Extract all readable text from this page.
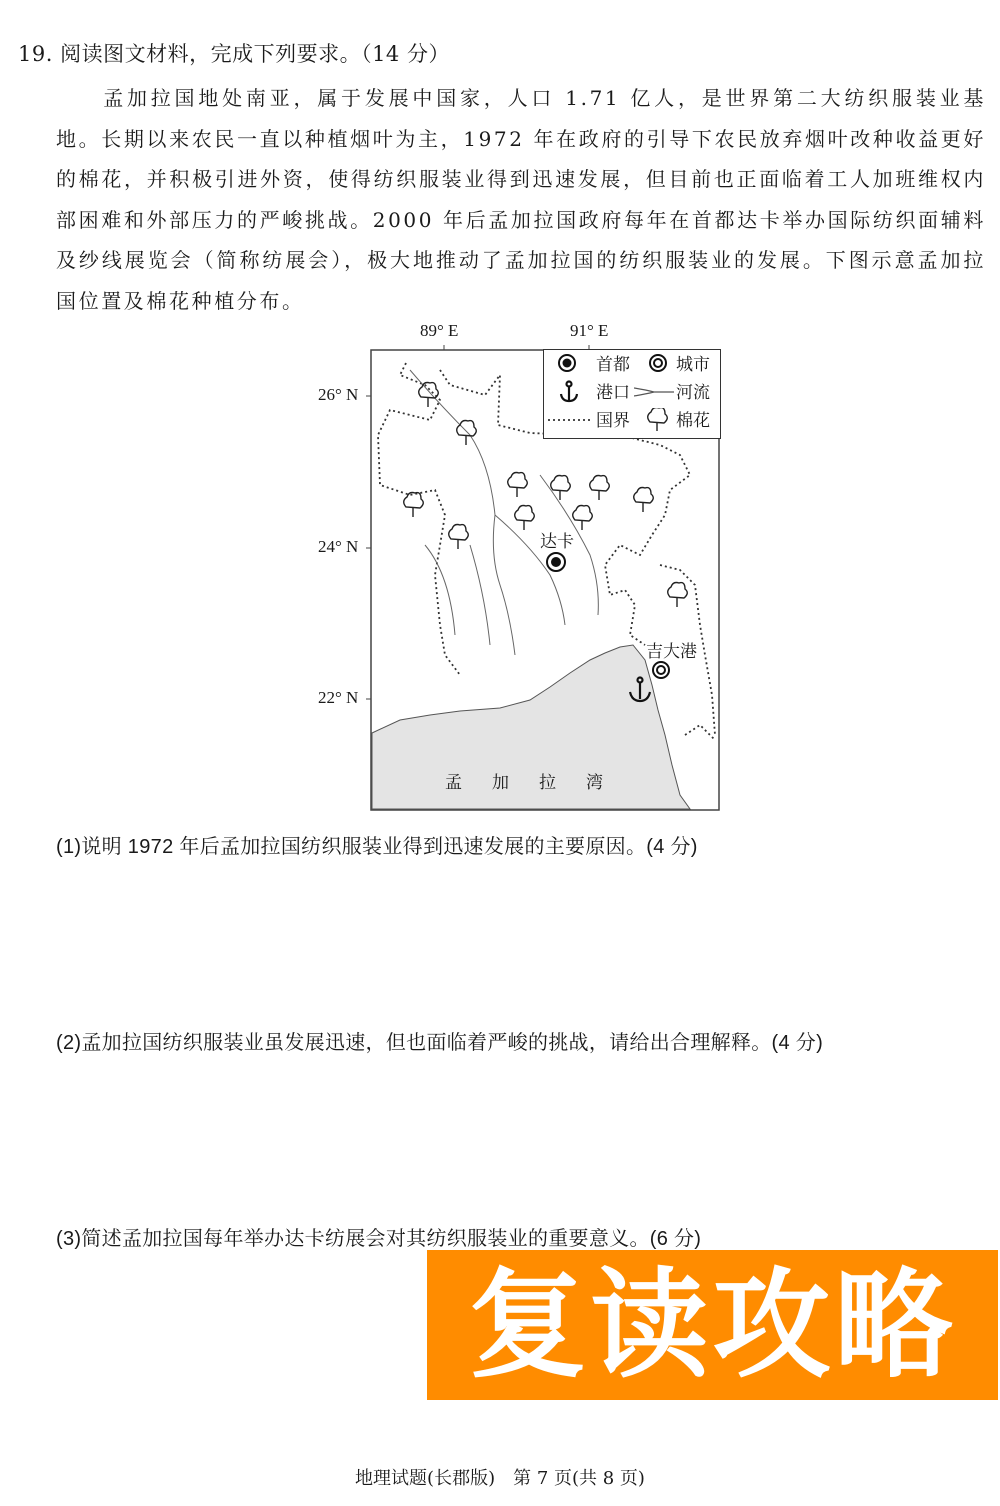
19. 阅读图文材料，完成下列要求。（14 分）
孟加拉国地处南亚，属于发展中国家，人口 1.71 亿人，是世界第二大纺织服装业基地。长期以来农民一直以种植烟叶为主，1972 年在政府的引导下农民放弃烟叶改种收益更好的棉花，并积极引进外资，使得纺织服装业得到迅速发展，但目前也正面临着工人加班维权内部困难和外部压力的严峻挑战。2000 年后孟加拉国政府每年在首都达卡举办国际纺织面辅料及纱线展览会（简称纺展会），极大地推动了孟加拉国的纺织服装业的发展。下图示意孟加拉国位置及棉花种植分布。
89° E	91° E
26° N
24° N
22° N
首都	城市
港口	河流
国界	棉花
达卡
吉大港
孟加拉湾
(1)说明 1972 年后孟加拉国纺织服装业得到迅速发展的主要原因。(4 分)
(2)孟加拉国纺织服装业虽发展迅速，但也面临着严峻的挑战，请给出合理解释。(4 分)
(3)简述孟加拉国每年举办达卡纺展会对其纺织服装业的重要意义。(6 分)
复读攻略
地理试题(长郡版)　第 7 页(共 8 页)
